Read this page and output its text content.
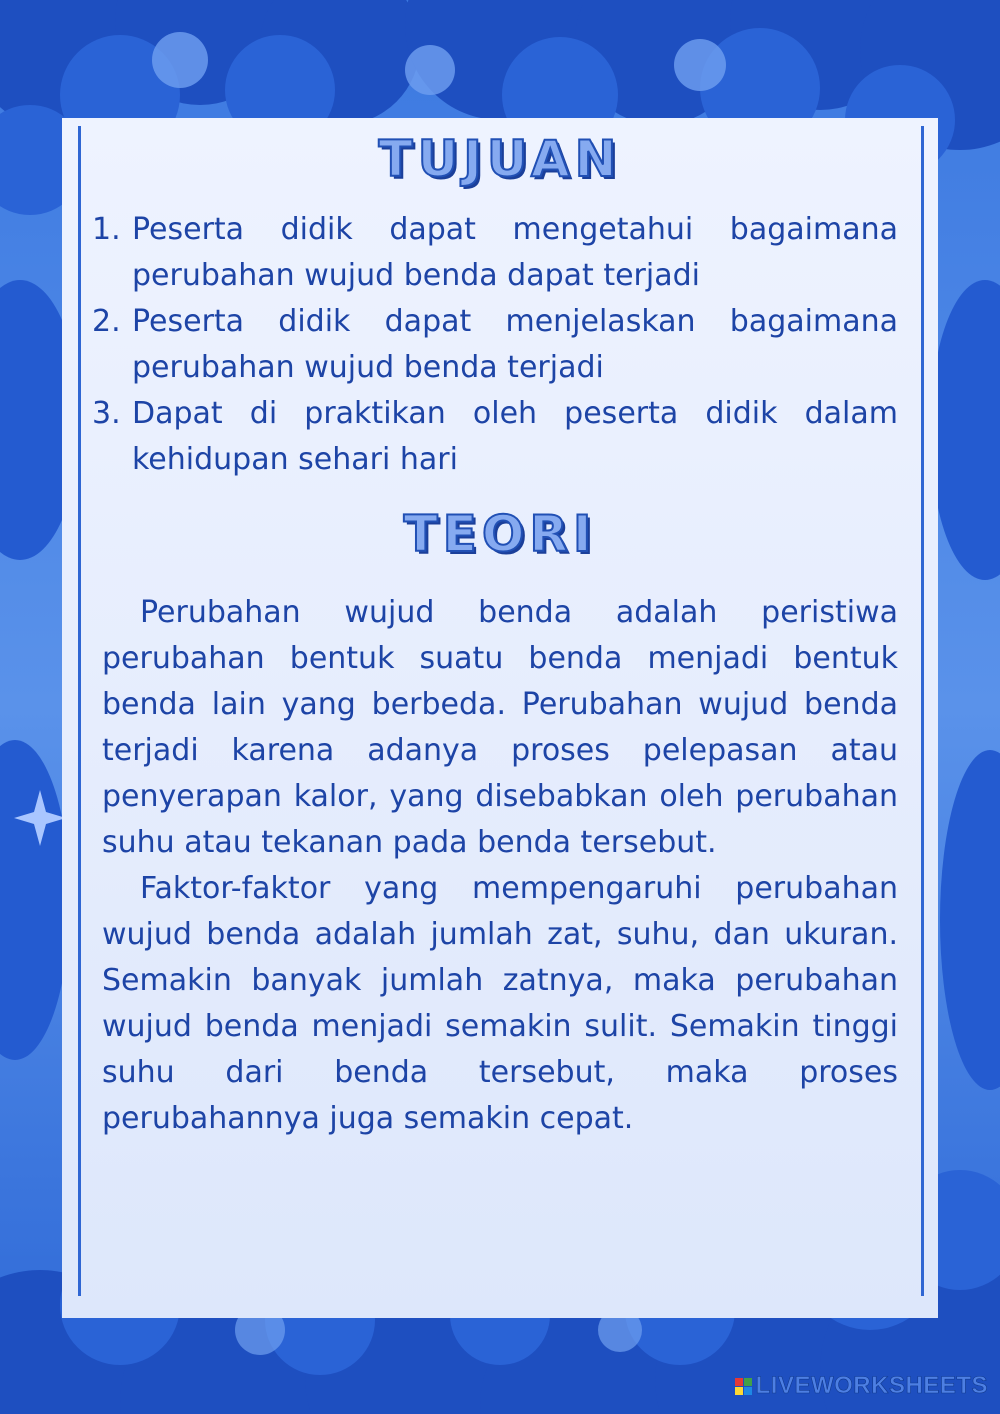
TUJUAN
1. Peserta didik dapat mengetahui bagaimana perubahan wujud benda dapat terjadi
2. Peserta didik dapat menjelaskan bagaimana perubahan wujud benda terjadi
3. Dapat di praktikan oleh peserta didik dalam kehidupan sehari hari
TEORI

Perubahan wujud benda adalah peristiwa perubahan bentuk suatu benda menjadi bentuk benda lain yang berbeda. Perubahan wujud benda terjadi karena adanya proses pelepasan atau penyerapan kalor, yang disebabkan oleh perubahan suhu atau tekanan pada benda tersebut.

Faktor-faktor yang mempengaruhi perubahan wujud benda adalah jumlah zat, suhu, dan ukuran. Semakin banyak jumlah zatnya, maka perubahan wujud benda menjadi semakin sulit. Semakin tinggi suhu dari benda tersebut, maka proses perubahannya juga semakin cepat.

LIVEWORKSHEETS
